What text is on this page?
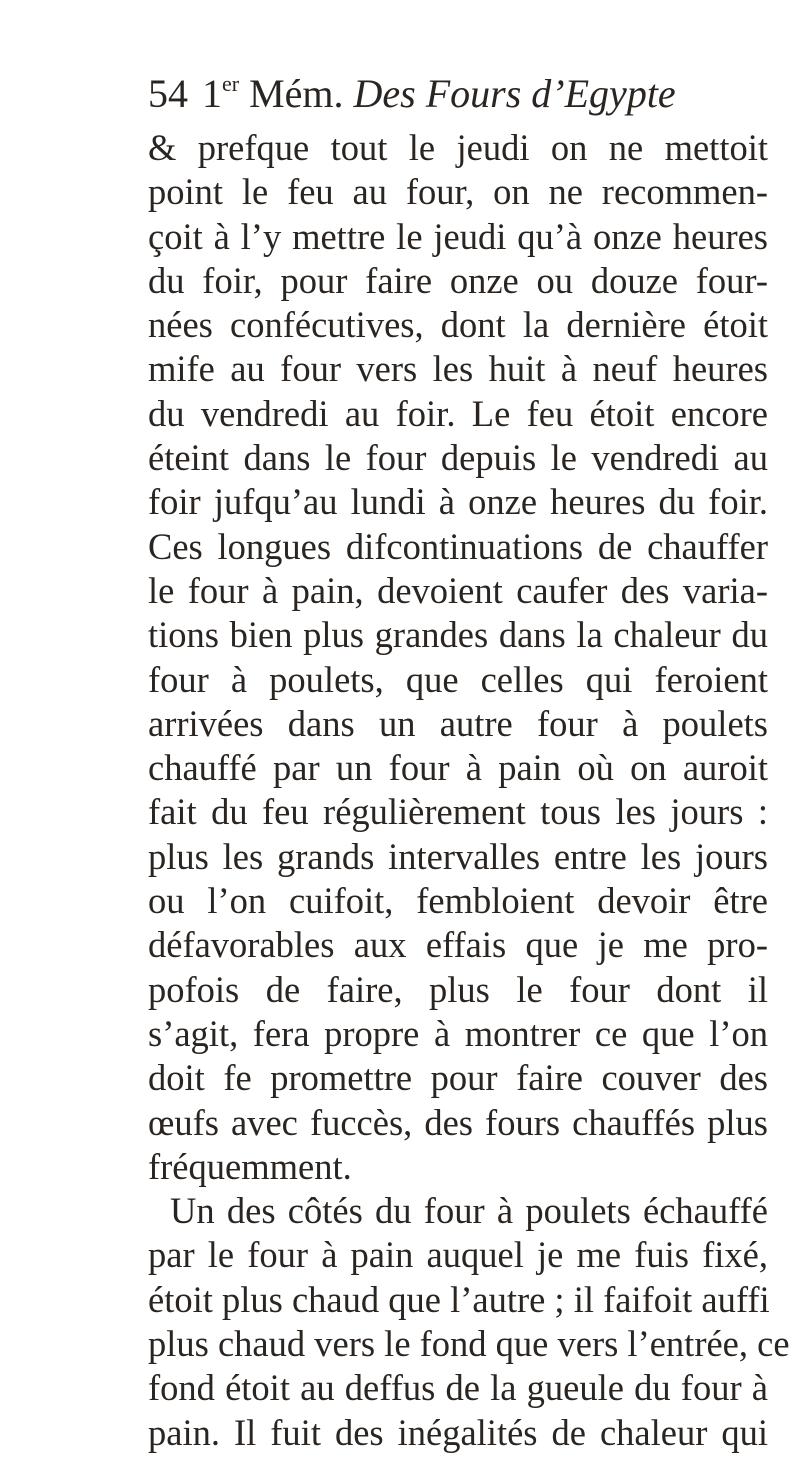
54 1er Mém. Des Fours d’Egypte
& prefque tout le jeudi on ne mettoit
point le feu au four, on ne recommen-
çoit à l’y mettre le jeudi qu’à onze heures
du foir, pour faire onze ou douze four-
nées confécutives, dont la dernière étoit
mife au four vers les huit à neuf heures
du vendredi au foir. Le feu étoit encore
éteint dans le four depuis le vendredi au
foir jufqu’au lundi à onze heures du foir.
Ces longues difcontinuations de chauffer
le four à pain, devoient caufer des varia-
tions bien plus grandes dans la chaleur du
four à poulets, que celles qui feroient
arrivées dans un autre four à poulets
chauffé par un four à pain où on auroit
fait du feu régulièrement tous les jours :
plus les grands intervalles entre les jours
ou l’on cuifoit, fembloient devoir être
défavorables aux effais que je me pro-
pofois de faire, plus le four dont il
s’agit, fera propre à montrer ce que l’on
doit fe promettre pour faire couver des
œufs avec fuccès, des fours chauffés plus
fréquemment.
Un des côtés du four à poulets échauffé
par le four à pain auquel je me fuis fixé,
étoit plus chaud que l’autre ; il faifoit auffi
plus chaud vers le fond que vers l’entrée, ce
fond étoit au deffus de la gueule du four à
pain. Il fuit des inégalités de chaleur qui
